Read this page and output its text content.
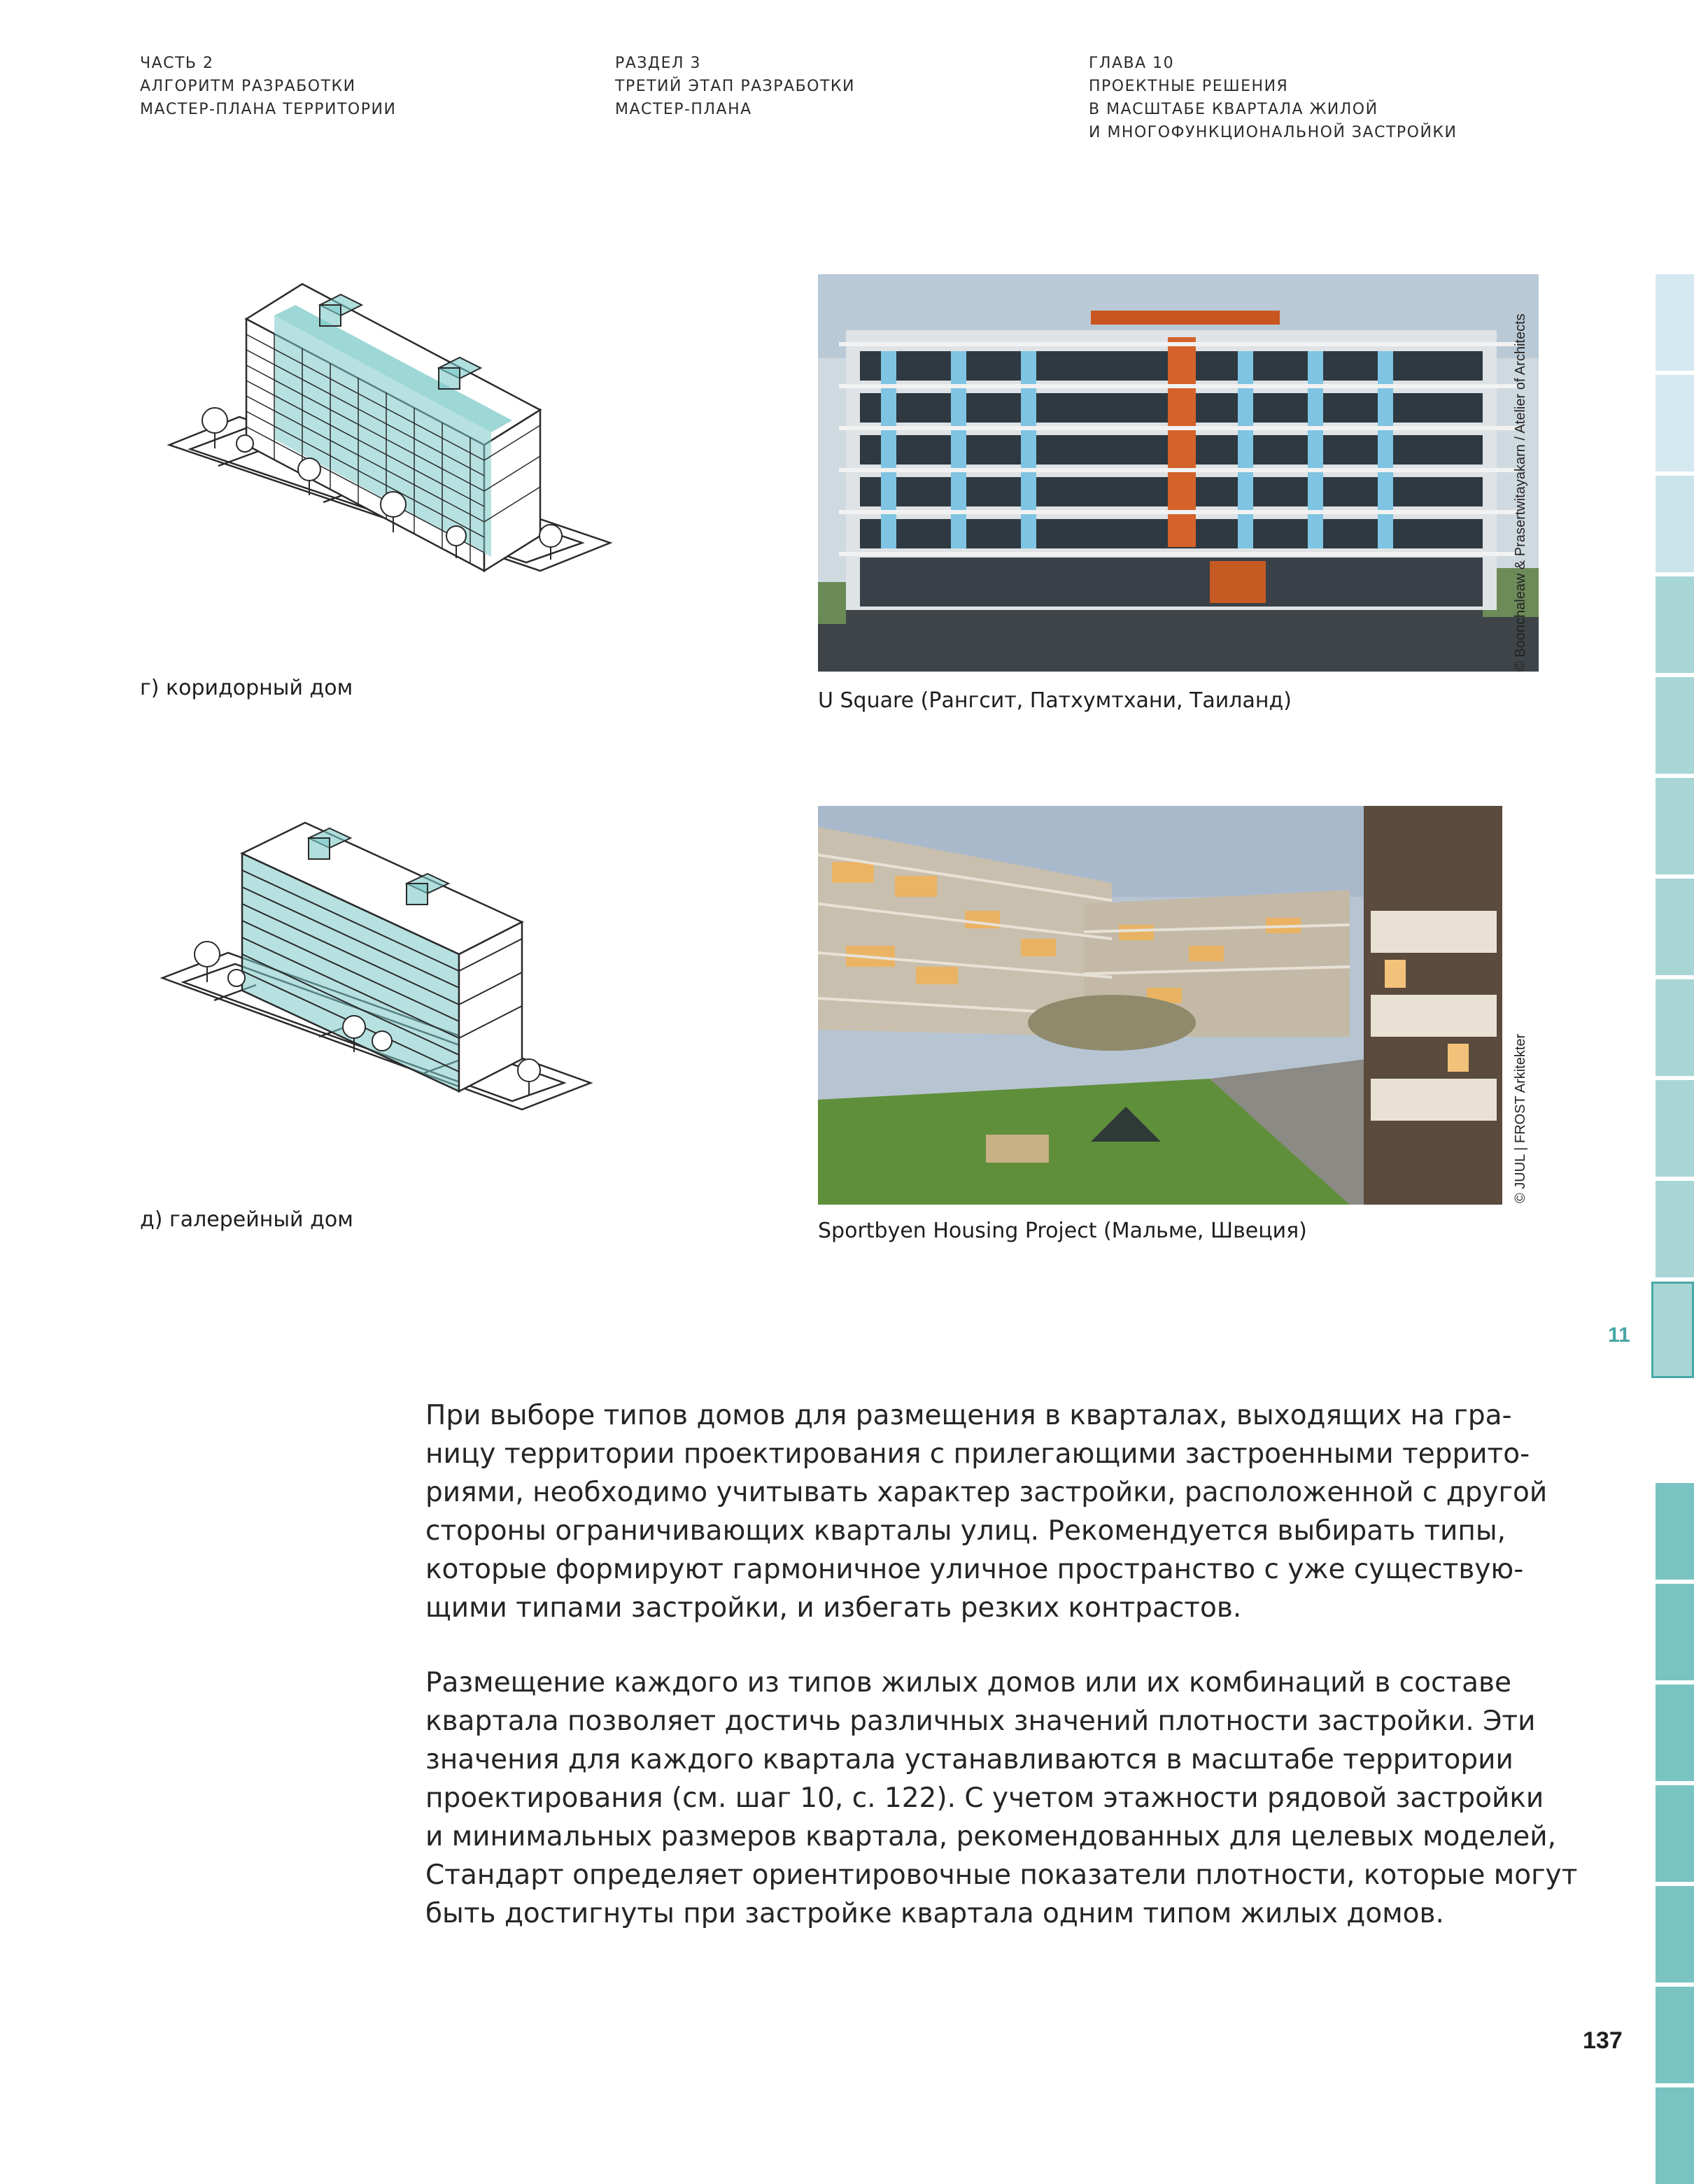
ЧАСТЬ 2
АЛГОРИТМ РАЗРАБОТКИ
МАСТЕР-ПЛАНА ТЕРРИТОРИИ
РАЗДЕЛ 3
ТРЕТИЙ ЭТАП РАЗРАБОТКИ
МАСТЕР-ПЛАНА
ГЛАВА 10
ПРОЕКТНЫЕ РЕШЕНИЯ
В МАСШТАБЕ КВАРТАЛА ЖИЛОЙ
И МНОГОФУНКЦИОНАЛЬНОЙ ЗАСТРОЙКИ
г) коридорный дом
д) галерейный дом
U Square (Рангсит, Патхумтхани, Таиланд)
© Boonchaleaw & Prasertwitayakarn / Atelier of Architects
Sportbyen Housing Project (Мальме, Швеция)
© JUUL | FROST Arkitekter
При выборе типов домов для размещения в кварталах, выходящих на гра-
ницу территории проектирования с прилегающими застроенными террито-
риями, необходимо учитывать характер застройки, расположенной с другой
стороны ограничивающих кварталы улиц. Рекомендуется выбирать типы,
которые формируют гармоничное уличное пространство с уже существую-
щими типами застройки, и избегать резких контрастов.
Размещение каждого из типов жилых домов или их комбинаций в составе
квартала позволяет достичь различных значений плотности застройки. Эти
значения для каждого квартала устанавливаются в масштабе территории
проектирования (см. шаг 10, с. 122). С учетом этажности рядовой застройки
и минимальных размеров квартала, рекомендованных для целевых моделей,
Стандарт определяет ориентировочные показатели плотности, которые могут
быть достигнуты при застройке квартала одним типом жилых домов.
11
137
